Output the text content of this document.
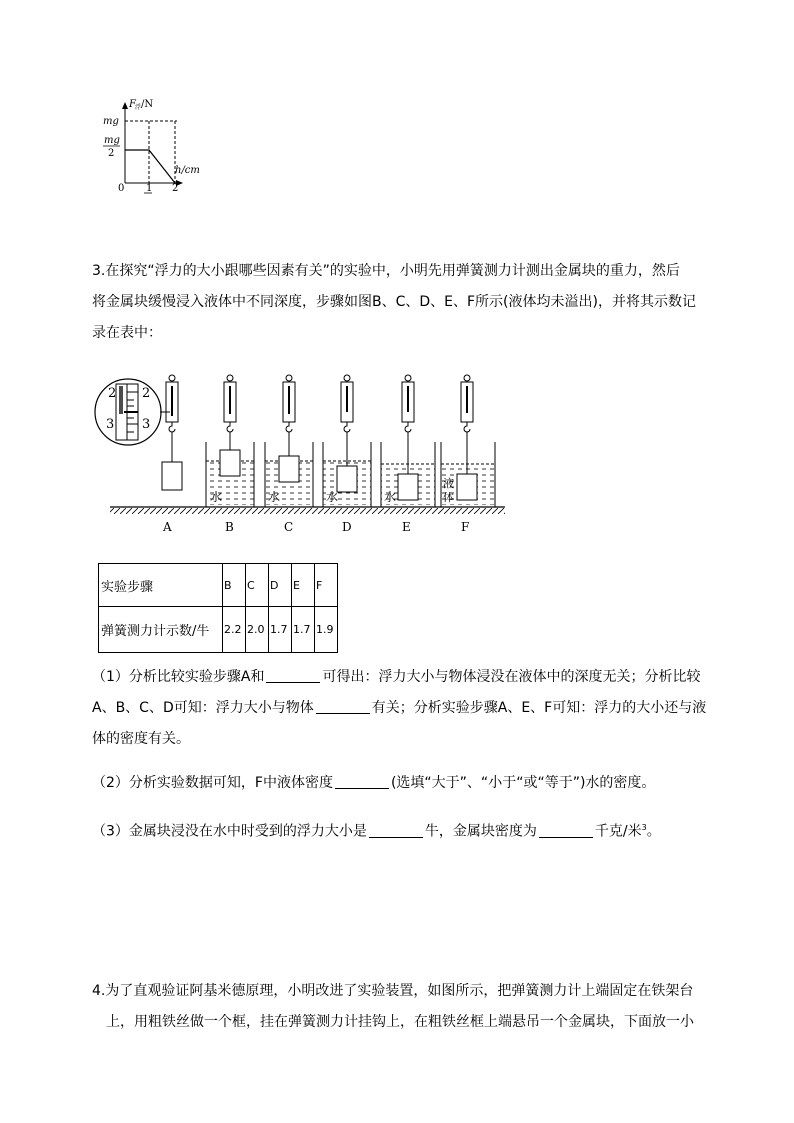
F 浮 /N
mg
mg
2
h/cm
0 1 2

3.在探究“浮力的大小跟哪些因素有关”的实验中，小明先用弹簧测力计测出金属块的重力，然后

将金属块缓慢浸入液体中不同深度，步骤如图B、C、D、E、F所示(液体均未溢出)，并将其示数记

录在表中：

2 2
3 3
水	水	水	水
液
体
A	B	C	D	E	F
实验步骤	B	C	D	E	F
弹簧测力计示数/牛	2.2	2.0	1.7	1.7	1.9

（1）分析比较实验步骤A和	可得出：浮力大小与物体浸没在液体中的深度无关；分析比较

A、B、C、D可知：浮力大小与物体	有关；分析实验步骤A、E、F可知：浮力的大小还与液

体的密度有关。

（2）分析实验数据可知，F中液体密度	(选填“大于”、“小于“或“等于”)水的密度。

（3）金属块浸没在水中时受到的浮力大小是	牛，金属块密度为	千克/米$^3$。

4.为了直观验证阿基米德原理，小明改进了实验装置，如图所示，把弹簧测力计上端固定在铁架台

上，用粗铁丝做一个框，挂在弹簧测力计挂钩上，在粗铁丝框上端悬吊一个金属块，下面放一小
